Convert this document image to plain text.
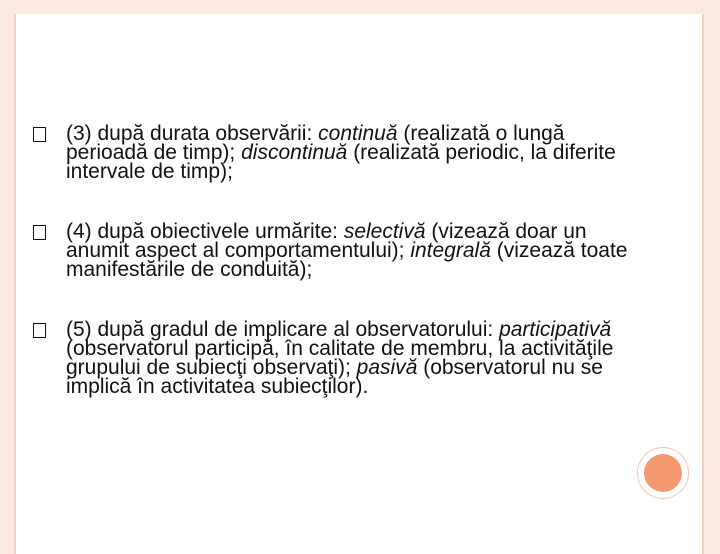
(3) după durata observării: continuă (realizată o lungă perioadă de timp); discontinuă (realizată periodic, la diferite intervale de timp);
(4) după obiectivele urmărite: selectivă (vizează doar un anumit aspect al comportamentului); integrală (vizează toate manifestările de conduită);
(5) după gradul de implicare al observatorului: participativă (observatorul participă, în calitate de membru, la activităţile grupului de subiecţi observaţi); pasivă (observatorul nu se implică în activitatea subiecţilor).
